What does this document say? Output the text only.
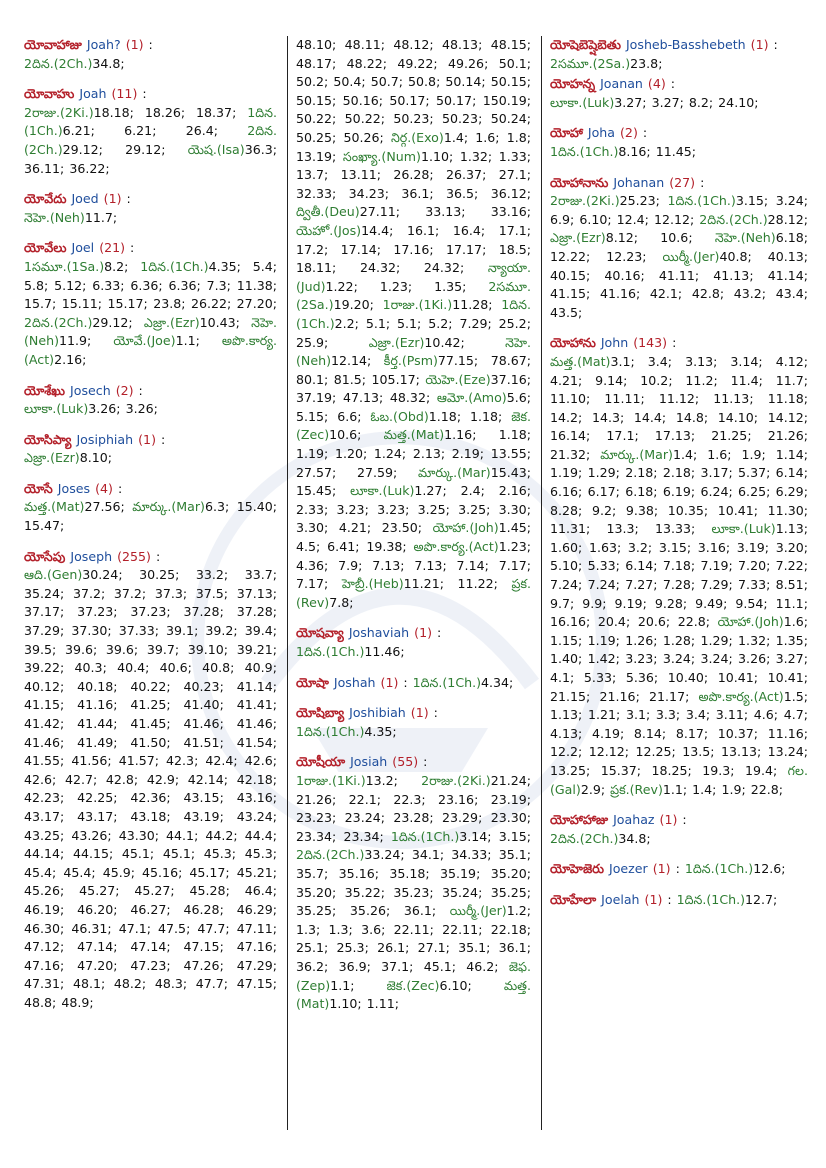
యోవాహాజు Joah? (1) :
2దిన.(2Ch.)34.8;
యోవాహు Joah (11) :
2రాజు.(2Ki.)18.18; 18.26; 18.37; 1దిన.(1Ch.)6.21; 6.21; 26.4; 2దిన.(2Ch.)29.12; 29.12; యెష.(Isa)36.3; 36.11; 36.22;
యోవేదు Joed (1) :
నెహె.(Neh)11.7;
యోవేలు Joel (21) :
1సమూ.(1Sa.)8.2; 1దిన.(1Ch.)4.35; 5.4; 5.8; 5.12; 6.33; 6.36; 6.36; 7.3; 11.38; 15.7; 15.11; 15.17; 23.8; 26.22; 27.20; 2దిన.(2Ch.)29.12; ఎజ్రా.(Ezr)10.43; నెహె.(Neh)11.9; యోవే.(Joe)1.1; అపొ.కార్య.(Act)2.16;
యోశేఖు Josech (2) :
లూకా.(Luk)3.26; 3.26;
యోసిప్యా Josiphiah (1) :
ఎజ్రా.(Ezr)8.10;
యోసే Joses (4) :
మత్త.(Mat)27.56; మార్కు.(Mar)6.3; 15.40; 15.47;
యోసేపు Joseph (255) :
ఆది.(Gen)30.24; 30.25; 33.2; 33.7; 35.24; 37.2; 37.2; 37.3; 37.5; 37.13; 37.17; 37.23; 37.23; 37.28; 37.28; 37.29; 37.30; 37.33; 39.1; 39.2; 39.4; 39.5; 39.6; 39.6; 39.7; 39.10; 39.21; 39.22; 40.3; 40.4; 40.6; 40.8; 40.9; 40.12; 40.18; 40.22; 40.23; 41.14; 41.15; 41.16; 41.25; 41.40; 41.41; 41.42; 41.44; 41.45; 41.46; 41.46; 41.46; 41.49; 41.50; 41.51; 41.54; 41.55; 41.56; 41.57; 42.3; 42.4; 42.6; 42.6; 42.7; 42.8; 42.9; 42.14; 42.18; 42.23; 42.25; 42.36; 43.15; 43.16; 43.17; 43.17; 43.18; 43.19; 43.24; 43.25; 43.26; 43.30; 44.1; 44.2; 44.4; 44.14; 44.15; 45.1; 45.1; 45.3; 45.3; 45.4; 45.4; 45.9; 45.16; 45.17; 45.21; 45.26; 45.27; 45.27; 45.28; 46.4; 46.19; 46.20; 46.27; 46.28; 46.29; 46.30; 46.31; 47.1; 47.5; 47.7; 47.11; 47.12; 47.14; 47.14; 47.15; 47.16; 47.16; 47.20; 47.23; 47.26; 47.29; 47.31; 48.1; 48.2; 48.3; 47.7; 47.15; 48.8; 48.9;
48.10; 48.11; 48.12; 48.13; 48.15; 48.17; 48.22; 49.22; 49.26; 50.1; 50.2; 50.4; 50.7; 50.8; 50.14; 50.15; 50.15; 50.16; 50.17; 50.17; 150.19; 50.22; 50.22; 50.23; 50.23; 50.24; 50.25; 50.26; నిర్గ.(Exo)1.4; 1.6; 1.8; 13.19; సంఖ్యా.(Num)1.10; 1.32; 1.33; 13.7; 13.11; 26.28; 26.37; 27.1; 32.33; 34.23; 36.1; 36.5; 36.12; ద్వితీ.(Deu)27.11; 33.13; 33.16; యెహో.(Jos)14.4; 16.1; 16.4; 17.1; 17.2; 17.14; 17.16; 17.17; 18.5; 18.11; 24.32; 24.32; న్యాయా.(Jud)1.22; 1.23; 1.35; 2సమూ.(2Sa.)19.20; 1రాజు.(1Ki.)11.28; 1దిన.(1Ch.)2.2; 5.1; 5.1; 5.2; 7.29; 25.2; 25.9;	ఎజ్రా.(Ezr)10.42;	నెహె.(Neh)12.14; కీర్త.(Psm)77.15; 78.67; 80.1; 81.5; 105.17; యెహె.(Eze)37.16; 37.19; 47.13; 48.32; ఆమో.(Amo)5.6; 5.15; 6.6; ఓబ.(Obd)1.18; 1.18; జెక.(Zec)10.6; మత్త.(Mat)1.16; 1.18; 1.19; 1.20; 1.24; 2.13; 2.19; 13.55; 27.57; 27.59; మార్కు.(Mar)15.43; 15.45; లూకా.(Luk)1.27; 2.4; 2.16; 2.33; 3.23; 3.23; 3.25; 3.25; 3.30; 3.30; 4.21; 23.50; యోహా.(Joh)1.45; 4.5; 6.41; 19.38; అపొ.కార్య.(Act)1.23; 4.36; 7.9; 7.13; 7.13; 7.14; 7.17; 7.17; హెబ్రీ.(Heb)11.21; 11.22; ప్రక.(Rev)7.8;
యోషవ్యా Joshaviah (1) :
1దిన.(1Ch.)11.46;
యోషా Joshah (1) : 1దిన.(1Ch.)4.34;
యోషిబ్యా Joshibiah (1) :
1దిన.(1Ch.)4.35;
యోషీయా Josiah (55) :
1రాజు.(1Ki.)13.2; 2రాజు.(2Ki.)21.24; 21.26; 22.1; 22.3; 23.16; 23.19; 23.23; 23.24; 23.28; 23.29; 23.30; 23.34; 23.34; 1దిన.(1Ch.)3.14; 3.15; 2దిన.(2Ch.)33.24; 34.1; 34.33; 35.1; 35.7; 35.16; 35.18; 35.19; 35.20; 35.20; 35.22; 35.23; 35.24; 35.25; 35.25; 35.26; 36.1; యిర్మీ.(Jer)1.2; 1.3; 1.3; 3.6; 22.11; 22.11; 22.18; 25.1; 25.3; 26.1; 27.1; 35.1; 36.1; 36.2; 36.9; 37.1; 45.1; 46.2; జెఫ.(Zep)1.1;	జెక.(Zec)6.10;	మత్త.(Mat)1.10; 1.11;
యోషెబెష్షెబెతు Josheb-Basshebeth (1) :
2సమూ.(2Sa.)23.8;
యోహన్న Joanan (4) :
లూకా.(Luk)3.27; 3.27; 8.2; 24.10;
యోహా Joha (2) :
1దిన.(1Ch.)8.16; 11.45;
యోహానాను Johanan (27) :
2రాజు.(2Ki.)25.23; 1దిన.(1Ch.)3.15; 3.24; 6.9; 6.10; 12.4; 12.12; 2దిన.(2Ch.)28.12; ఎజ్రా.(Ezr)8.12; 10.6; నెహె.(Neh)6.18; 12.22; 12.23; యిర్మీ.(Jer)40.8; 40.13; 40.15; 40.16; 41.11; 41.13; 41.14; 41.15; 41.16; 42.1; 42.8; 43.2; 43.4; 43.5;
యోహాను John (143) :
మత్త.(Mat)3.1; 3.4; 3.13; 3.14; 4.12; 4.21; 9.14; 10.2; 11.2; 11.4; 11.7; 11.10; 11.11; 11.12; 11.13; 11.18; 14.2; 14.3; 14.4; 14.8; 14.10; 14.12; 16.14; 17.1; 17.13; 21.25; 21.26; 21.32; మార్కు.(Mar)1.4; 1.6; 1.9; 1.14; 1.19; 1.29; 2.18; 2.18; 3.17; 5.37; 6.14; 6.16; 6.17; 6.18; 6.19; 6.24; 6.25; 6.29; 8.28; 9.2; 9.38; 10.35; 10.41; 11.30; 11.31; 13.3; 13.33; లూకా.(Luk)1.13; 1.60; 1.63; 3.2; 3.15; 3.16; 3.19; 3.20; 5.10; 5.33; 6.14; 7.18; 7.19; 7.20; 7.22; 7.24; 7.24; 7.27; 7.28; 7.29; 7.33; 8.51; 9.7; 9.9; 9.19; 9.28; 9.49; 9.54; 11.1; 16.16; 20.4; 20.6; 22.8; యోహా.(Joh)1.6; 1.15; 1.19; 1.26; 1.28; 1.29; 1.32; 1.35; 1.40; 1.42; 3.23; 3.24; 3.24; 3.26; 3.27; 4.1; 5.33; 5.36; 10.40; 10.41; 10.41; 21.15; 21.16; 21.17; అపొ.కార్య.(Act)1.5; 1.13; 1.21; 3.1; 3.3; 3.4; 3.11; 4.6; 4.7; 4.13; 4.19; 8.14; 8.17; 10.37; 11.16; 12.2; 12.12; 12.25; 13.5; 13.13; 13.24; 13.25; 15.37; 18.25; 19.3; 19.4; గల.(Gal)2.9; ప్రక.(Rev)1.1; 1.4; 1.9; 22.8;
యోహాహాజు Joahaz (1) :
2దిన.(2Ch.)34.8;
యోహెజెరు Joezer (1) : 1దిన.(1Ch.)12.6;
యోహేలా Joelah (1) : 1దిన.(1Ch.)12.7;
